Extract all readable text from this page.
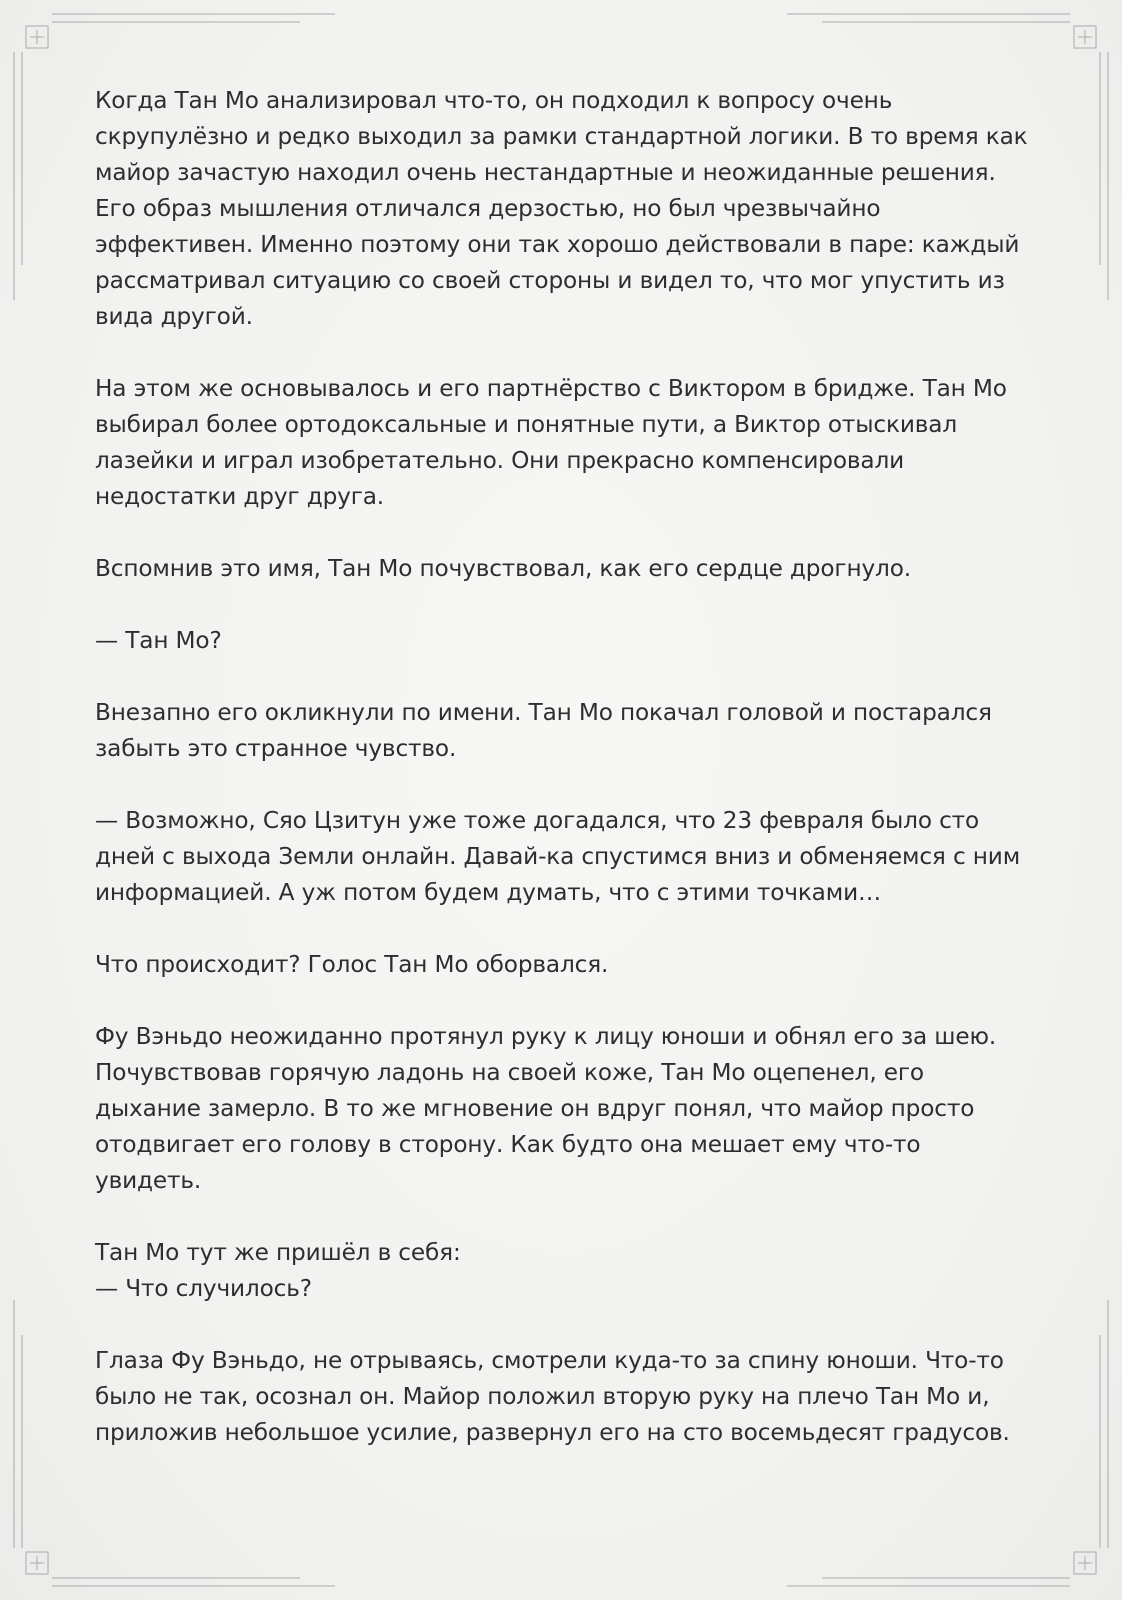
Когда Тан Мо анализировал что-то, он подходил к вопросу очень скрупулёзно и редко выходил за рамки стандартной логики. В то время как майор зачастую находил очень нестандартные и неожиданные решения. Его образ мышления отличался дерзостью, но был чрезвычайно эффективен. Именно поэтому они так хорошо действовали в паре: каждый рассматривал ситуацию со своей стороны и видел то, что мог упустить из вида другой.

На этом же основывалось и его партнёрство с Виктором в бридже. Тан Мо выбирал более ортодоксальные и понятные пути, а Виктор отыскивал лазейки и играл изобретательно. Они прекрасно компенсировали недостатки друг друга.

Вспомнив это имя, Тан Мо почувствовал, как его сердце дрогнуло.

— Тан Мо?

Внезапно его окликнули по имени. Тан Мо покачал головой и постарался забыть это странное чувство.

— Возможно, Сяо Цзитун уже тоже догадался, что 23 февраля было сто дней с выхода Земли онлайн. Давай-ка спустимся вниз и обменяемся с ним информацией. А уж потом будем думать, что с этими точками…

Что происходит? Голос Тан Мо оборвался.

Фу Вэньдо неожиданно протянул руку к лицу юноши и обнял его за шею. Почувствовав горячую ладонь на своей коже, Тан Мо оцепенел, его дыхание замерло. В то же мгновение он вдруг понял, что майор просто отодвигает его голову в сторону. Как будто она мешает ему что-то увидеть.

Тан Мо тут же пришёл в себя:

— Что случилось?

Глаза Фу Вэньдо, не отрываясь, смотрели куда-то за спину юноши. Что-то было не так, осознал он. Майор положил вторую руку на плечо Тан Мо и, приложив небольшое усилие, развернул его на сто восемьдесят градусов.
